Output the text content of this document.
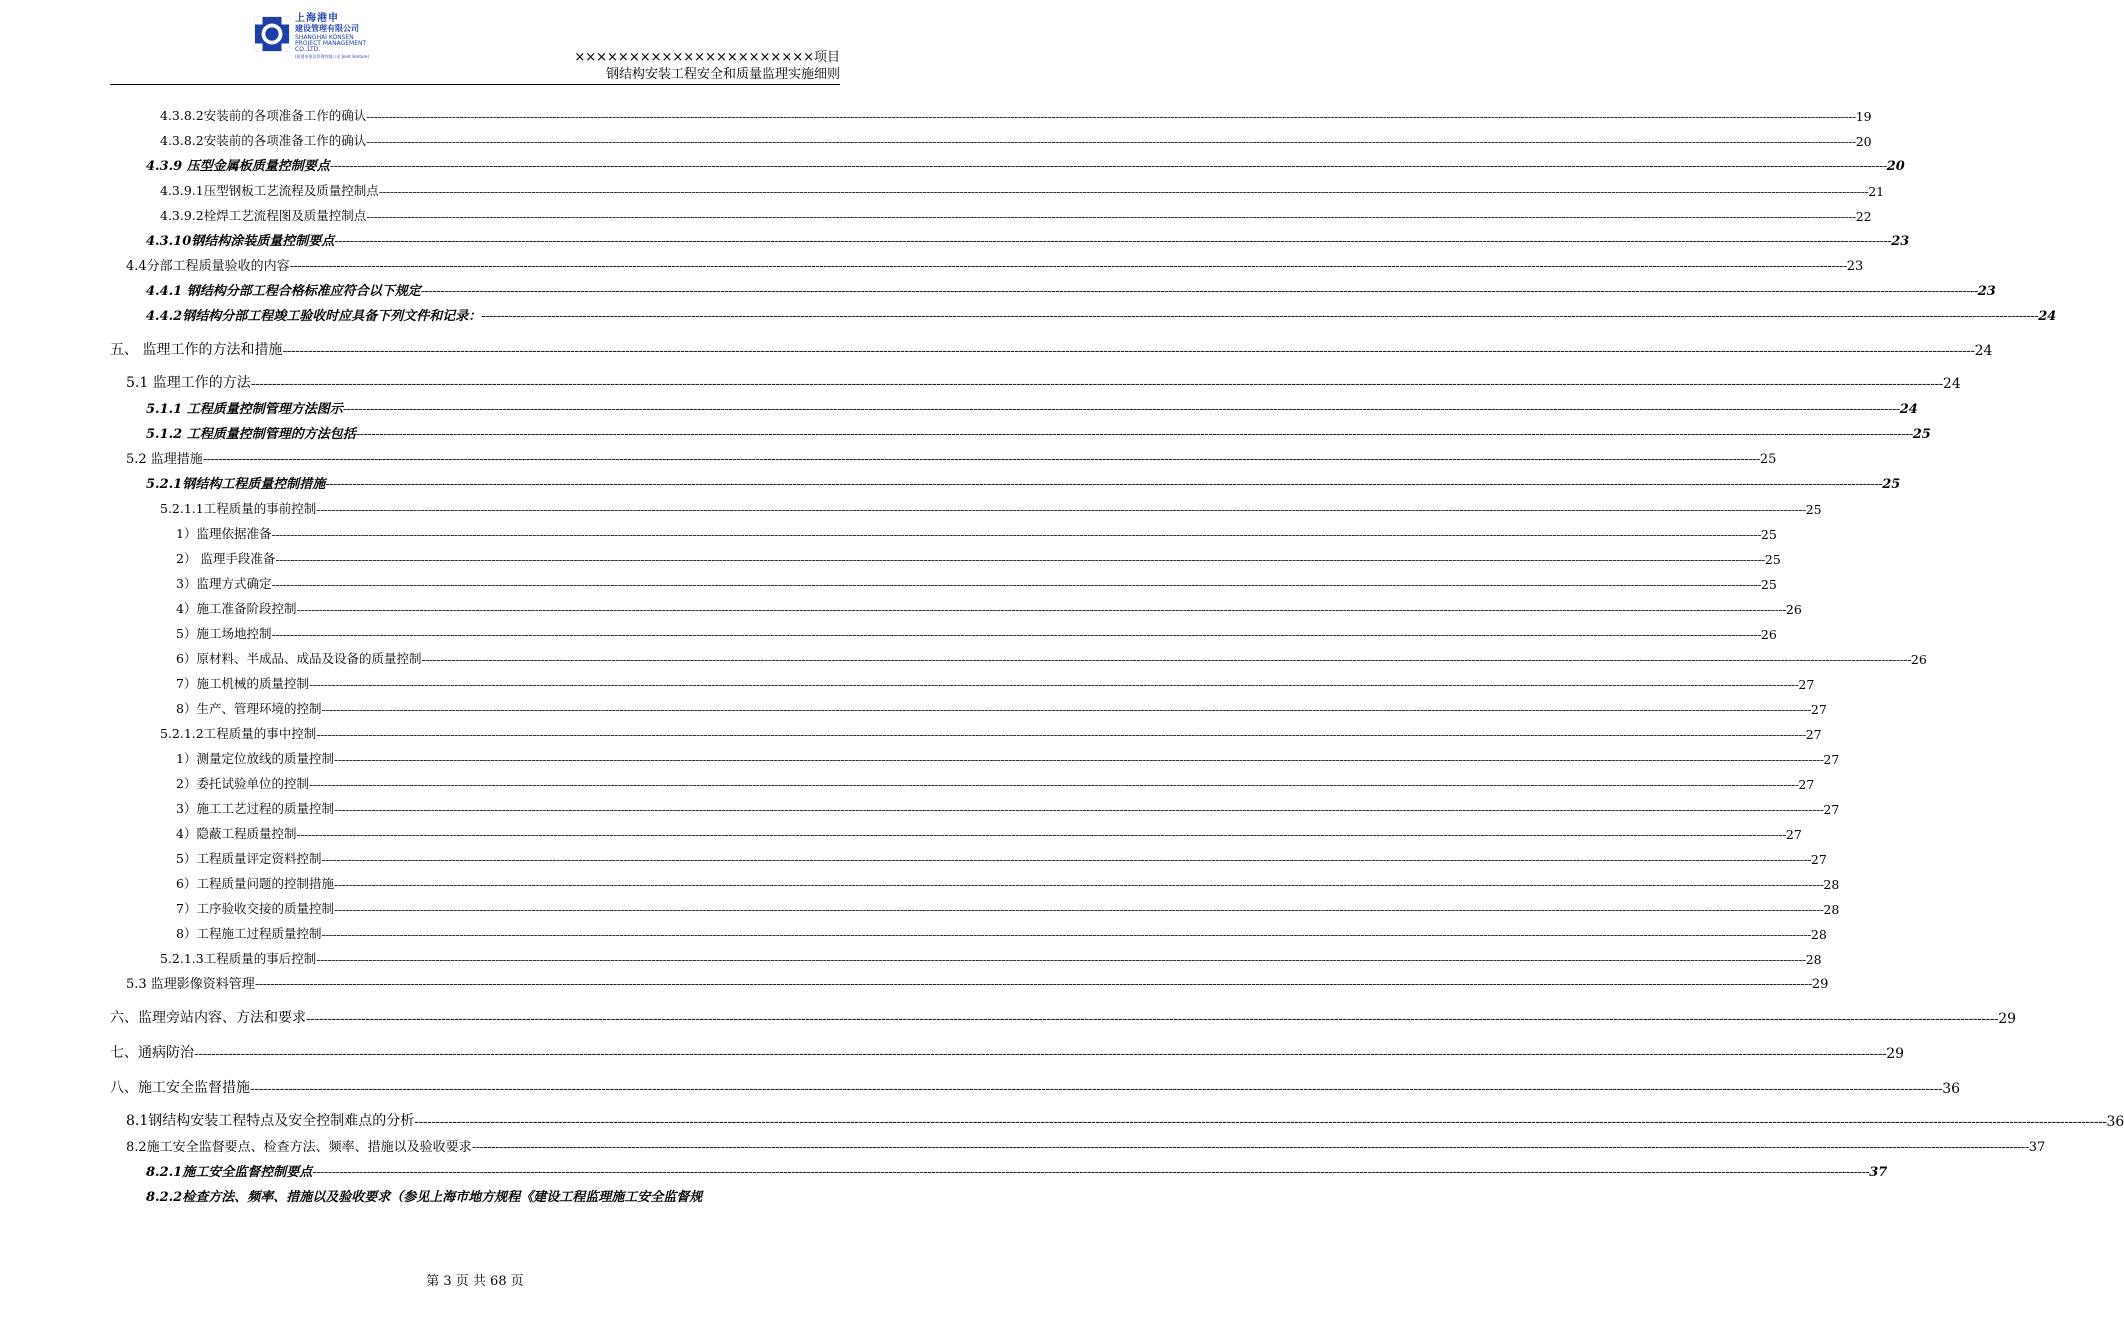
上海港申
建设管理有限公司
SHANGHAI KONSEN
PROJECT MANAGEMENT
CO.,LTD.
(原港申建设管理有限公司 Joint Venture)	××××××××××××××××××××××项目
钢结构安装工程安全和质量监理实施细则
4.3.8.2安装前的各项准备工作的确认 ---------------------------------------------------------------------------------------------------------------------------------------------------------------------------------------------------------------------------------------------------------------------------------------------------------------------------------------------------------------------------------------------------------------- 19
4.3.8.2安装前的各项准备工作的确认 ---------------------------------------------------------------------------------------------------------------------------------------------------------------------------------------------------------------------------------------------------------------------------------------------------------------------------------------------------------------------------------------------------------------- 20
4.3.9 压型金属板质量控制要点 ---------------------------------------------------------------------------------------------------------------------------------------------------------------------------------------------------------------------------------------------------------------------------------------------------------------------------------------------------------------------------------------------------------------- 20
4.3.9.1压型钢板工艺流程及质量控制点 ---------------------------------------------------------------------------------------------------------------------------------------------------------------------------------------------------------------------------------------------------------------------------------------------------------------------------------------------------------------------------------------------------------------- 21
4.3.9.2栓焊工艺流程图及质量控制点 ---------------------------------------------------------------------------------------------------------------------------------------------------------------------------------------------------------------------------------------------------------------------------------------------------------------------------------------------------------------------------------------------------------------- 22
4.3.10钢结构涂装质量控制要点 ---------------------------------------------------------------------------------------------------------------------------------------------------------------------------------------------------------------------------------------------------------------------------------------------------------------------------------------------------------------------------------------------------------------- 23
4.4分部工程质量验收的内容 ---------------------------------------------------------------------------------------------------------------------------------------------------------------------------------------------------------------------------------------------------------------------------------------------------------------------------------------------------------------------------------------------------------------- 23
4.4.1 钢结构分部工程合格标准应符合以下规定 ---------------------------------------------------------------------------------------------------------------------------------------------------------------------------------------------------------------------------------------------------------------------------------------------------------------------------------------------------------------------------------------------------------------- 23
4.4.2钢结构分部工程竣工验收时应具备下列文件和记录： ---------------------------------------------------------------------------------------------------------------------------------------------------------------------------------------------------------------------------------------------------------------------------------------------------------------------------------------------------------------------------------------------------------------- 24
五、 监理工作的方法和措施 ---------------------------------------------------------------------------------------------------------------------------------------------------------------------------------------------------------------------------------------------------------------------------------------------------------------------------------------------------------------------------------------------------------------- 24
5.1 监理工作的方法 ---------------------------------------------------------------------------------------------------------------------------------------------------------------------------------------------------------------------------------------------------------------------------------------------------------------------------------------------------------------------------------------------------------------- 24
5.1.1 工程质量控制管理方法图示 ---------------------------------------------------------------------------------------------------------------------------------------------------------------------------------------------------------------------------------------------------------------------------------------------------------------------------------------------------------------------------------------------------------------- 24
5.1.2 工程质量控制管理的方法包括 ---------------------------------------------------------------------------------------------------------------------------------------------------------------------------------------------------------------------------------------------------------------------------------------------------------------------------------------------------------------------------------------------------------------- 25
5.2 监理措施 ---------------------------------------------------------------------------------------------------------------------------------------------------------------------------------------------------------------------------------------------------------------------------------------------------------------------------------------------------------------------------------------------------------------- 25
5.2.1钢结构工程质量控制措施 ---------------------------------------------------------------------------------------------------------------------------------------------------------------------------------------------------------------------------------------------------------------------------------------------------------------------------------------------------------------------------------------------------------------- 25
5.2.1.1工程质量的事前控制 ---------------------------------------------------------------------------------------------------------------------------------------------------------------------------------------------------------------------------------------------------------------------------------------------------------------------------------------------------------------------------------------------------------------- 25
1）监理依据准备 ---------------------------------------------------------------------------------------------------------------------------------------------------------------------------------------------------------------------------------------------------------------------------------------------------------------------------------------------------------------------------------------------------------------- 25
2） 监理手段准备 ---------------------------------------------------------------------------------------------------------------------------------------------------------------------------------------------------------------------------------------------------------------------------------------------------------------------------------------------------------------------------------------------------------------- 25
3）监理方式确定 ---------------------------------------------------------------------------------------------------------------------------------------------------------------------------------------------------------------------------------------------------------------------------------------------------------------------------------------------------------------------------------------------------------------- 25
4）施工准备阶段控制 ---------------------------------------------------------------------------------------------------------------------------------------------------------------------------------------------------------------------------------------------------------------------------------------------------------------------------------------------------------------------------------------------------------------- 26
5）施工场地控制 ---------------------------------------------------------------------------------------------------------------------------------------------------------------------------------------------------------------------------------------------------------------------------------------------------------------------------------------------------------------------------------------------------------------- 26
6）原材料、半成品、成品及设备的质量控制 ---------------------------------------------------------------------------------------------------------------------------------------------------------------------------------------------------------------------------------------------------------------------------------------------------------------------------------------------------------------------------------------------------------------- 26
7）施工机械的质量控制 ---------------------------------------------------------------------------------------------------------------------------------------------------------------------------------------------------------------------------------------------------------------------------------------------------------------------------------------------------------------------------------------------------------------- 27
8）生产、管理环境的控制 ---------------------------------------------------------------------------------------------------------------------------------------------------------------------------------------------------------------------------------------------------------------------------------------------------------------------------------------------------------------------------------------------------------------- 27
5.2.1.2工程质量的事中控制 ---------------------------------------------------------------------------------------------------------------------------------------------------------------------------------------------------------------------------------------------------------------------------------------------------------------------------------------------------------------------------------------------------------------- 27
1）测量定位放线的质量控制 ---------------------------------------------------------------------------------------------------------------------------------------------------------------------------------------------------------------------------------------------------------------------------------------------------------------------------------------------------------------------------------------------------------------- 27
2）委托试验单位的控制 ---------------------------------------------------------------------------------------------------------------------------------------------------------------------------------------------------------------------------------------------------------------------------------------------------------------------------------------------------------------------------------------------------------------- 27
3）施工工艺过程的质量控制 ---------------------------------------------------------------------------------------------------------------------------------------------------------------------------------------------------------------------------------------------------------------------------------------------------------------------------------------------------------------------------------------------------------------- 27
4）隐蔽工程质量控制 ---------------------------------------------------------------------------------------------------------------------------------------------------------------------------------------------------------------------------------------------------------------------------------------------------------------------------------------------------------------------------------------------------------------- 27
5）工程质量评定资料控制 ---------------------------------------------------------------------------------------------------------------------------------------------------------------------------------------------------------------------------------------------------------------------------------------------------------------------------------------------------------------------------------------------------------------- 27
6）工程质量问题的控制措施 ---------------------------------------------------------------------------------------------------------------------------------------------------------------------------------------------------------------------------------------------------------------------------------------------------------------------------------------------------------------------------------------------------------------- 28
7）工序验收交接的质量控制 ---------------------------------------------------------------------------------------------------------------------------------------------------------------------------------------------------------------------------------------------------------------------------------------------------------------------------------------------------------------------------------------------------------------- 28
8）工程施工过程质量控制 ---------------------------------------------------------------------------------------------------------------------------------------------------------------------------------------------------------------------------------------------------------------------------------------------------------------------------------------------------------------------------------------------------------------- 28
5.2.1.3工程质量的事后控制 ---------------------------------------------------------------------------------------------------------------------------------------------------------------------------------------------------------------------------------------------------------------------------------------------------------------------------------------------------------------------------------------------------------------- 28
5.3 监理影像资料管理 ---------------------------------------------------------------------------------------------------------------------------------------------------------------------------------------------------------------------------------------------------------------------------------------------------------------------------------------------------------------------------------------------------------------- 29
六、监理旁站内容、方法和要求 ---------------------------------------------------------------------------------------------------------------------------------------------------------------------------------------------------------------------------------------------------------------------------------------------------------------------------------------------------------------------------------------------------------------- 29
七、通病防治 ---------------------------------------------------------------------------------------------------------------------------------------------------------------------------------------------------------------------------------------------------------------------------------------------------------------------------------------------------------------------------------------------------------------- 29
八、施工安全监督措施 ---------------------------------------------------------------------------------------------------------------------------------------------------------------------------------------------------------------------------------------------------------------------------------------------------------------------------------------------------------------------------------------------------------------- 36
8.1钢结构安装工程特点及安全控制难点的分析 ---------------------------------------------------------------------------------------------------------------------------------------------------------------------------------------------------------------------------------------------------------------------------------------------------------------------------------------------------------------------------------------------------------------- 36
8.2施工安全监督要点、检查方法、频率、措施以及验收要求 ---------------------------------------------------------------------------------------------------------------------------------------------------------------------------------------------------------------------------------------------------------------------------------------------------------------------------------------------------------------------------------------------------------------- 37
8.2.1施工安全监督控制要点 ---------------------------------------------------------------------------------------------------------------------------------------------------------------------------------------------------------------------------------------------------------------------------------------------------------------------------------------------------------------------------------------------------------------- 37
8.2.2检查方法、频率、措施以及验收要求（参见上海市地方规程《建设工程监理施工安全监督规
第 3 页 共 68 页
